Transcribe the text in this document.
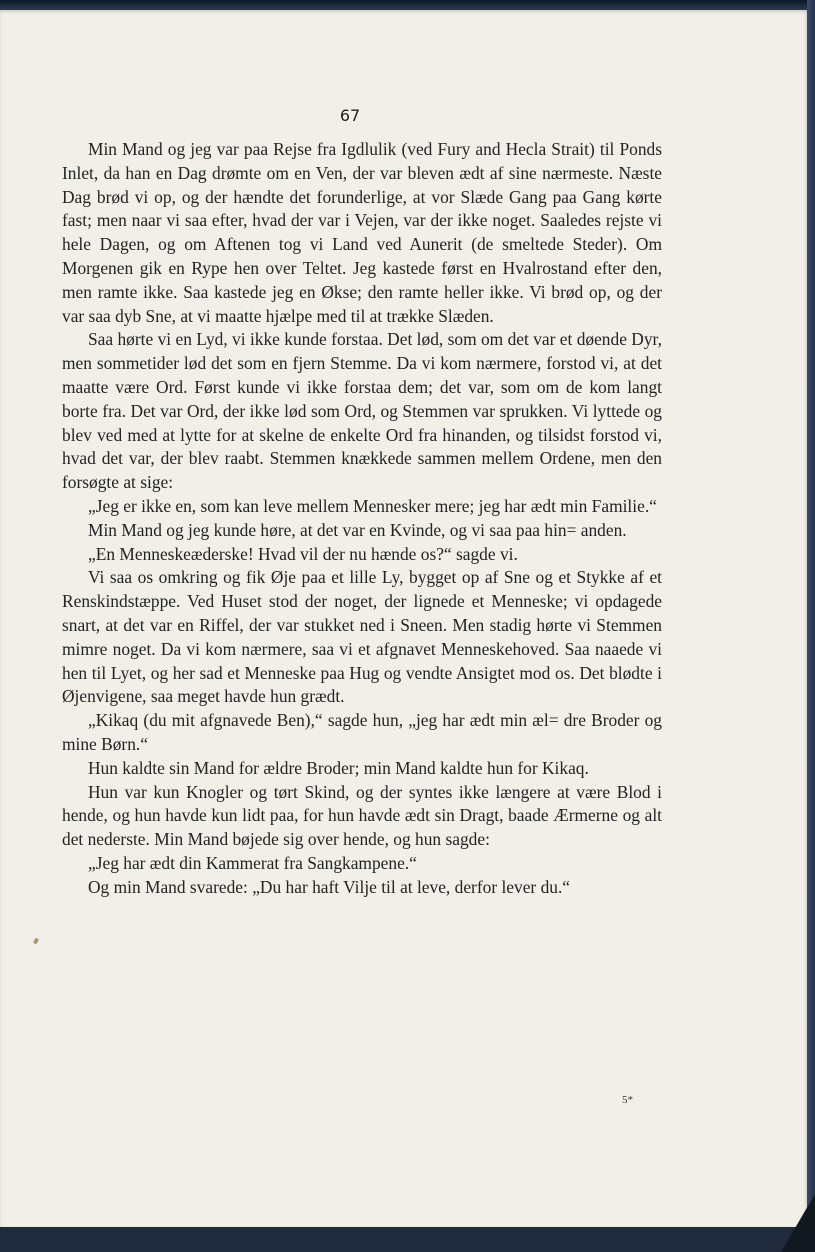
67

Min Mand og jeg var paa Rejse fra Igdlulik (ved Fury and Hecla Strait) til Ponds Inlet, da han en Dag drømte om en Ven, der var bleven ædt af sine nærmeste. Næste Dag brød vi op, og der hændte det forunderlige, at vor Slæde Gang paa Gang kørte fast; men naar vi saa efter, hvad der var i Vejen, var der ikke noget. Saaledes rejste vi hele Dagen, og om Aftenen tog vi Land ved Aunerit (de smeltede Steder). Om Morgenen gik en Rype hen over Teltet. Jeg kastede først en Hvalrostand efter den, men ramte ikke. Saa kastede jeg en Økse; den ramte heller ikke. Vi brød op, og der var saa dyb Sne, at vi maatte hjælpe med til at trække Slæden.

Saa hørte vi en Lyd, vi ikke kunde forstaa. Det lød, som om det var et døende Dyr, men sommetider lød det som en fjern Stemme. Da vi kom nærmere, forstod vi, at det maatte være Ord. Først kunde vi ikke forstaa dem; det var, som om de kom langt borte fra. Det var Ord, der ikke lød som Ord, og Stemmen var sprukken. Vi lyttede og blev ved med at lytte for at skelne de enkelte Ord fra hinanden, og tilsidst forstod vi, hvad det var, der blev raabt. Stemmen knækkede sammen mellem Ordene, men den forsøgte at sige:

„Jeg er ikke en, som kan leve mellem Mennesker mere; jeg har ædt min Familie.“

Min Mand og jeg kunde høre, at det var en Kvinde, og vi saa paa hin= anden.

„En Menneskeæderske! Hvad vil der nu hænde os?“ sagde vi.

Vi saa os omkring og fik Øje paa et lille Ly, bygget op af Sne og et Stykke af et Renskindstæppe. Ved Huset stod der noget, der lignede et Menneske; vi opdagede snart, at det var en Riffel, der var stukket ned i Sneen. Men stadig hørte vi Stemmen mimre noget. Da vi kom nærmere, saa vi et afgnavet Menneskehoved. Saa naaede vi hen til Lyet, og her sad et Menneske paa Hug og vendte Ansigtet mod os. Det blødte i Øjenvigene, saa meget havde hun grædt.

„Kikaq (du mit afgnavede Ben),“ sagde hun, „jeg har ædt min æl= dre Broder og mine Børn.“

Hun kaldte sin Mand for ældre Broder; min Mand kaldte hun for Kikaq.

Hun var kun Knogler og tørt Skind, og der syntes ikke længere at være Blod i hende, og hun havde kun lidt paa, for hun havde ædt sin Dragt, baade Ærmerne og alt det nederste. Min Mand bøjede sig over hende, og hun sagde:

„Jeg har ædt din Kammerat fra Sangkampene.“

Og min Mand svarede: „Du har haft Vilje til at leve, derfor lever du.“

5*
